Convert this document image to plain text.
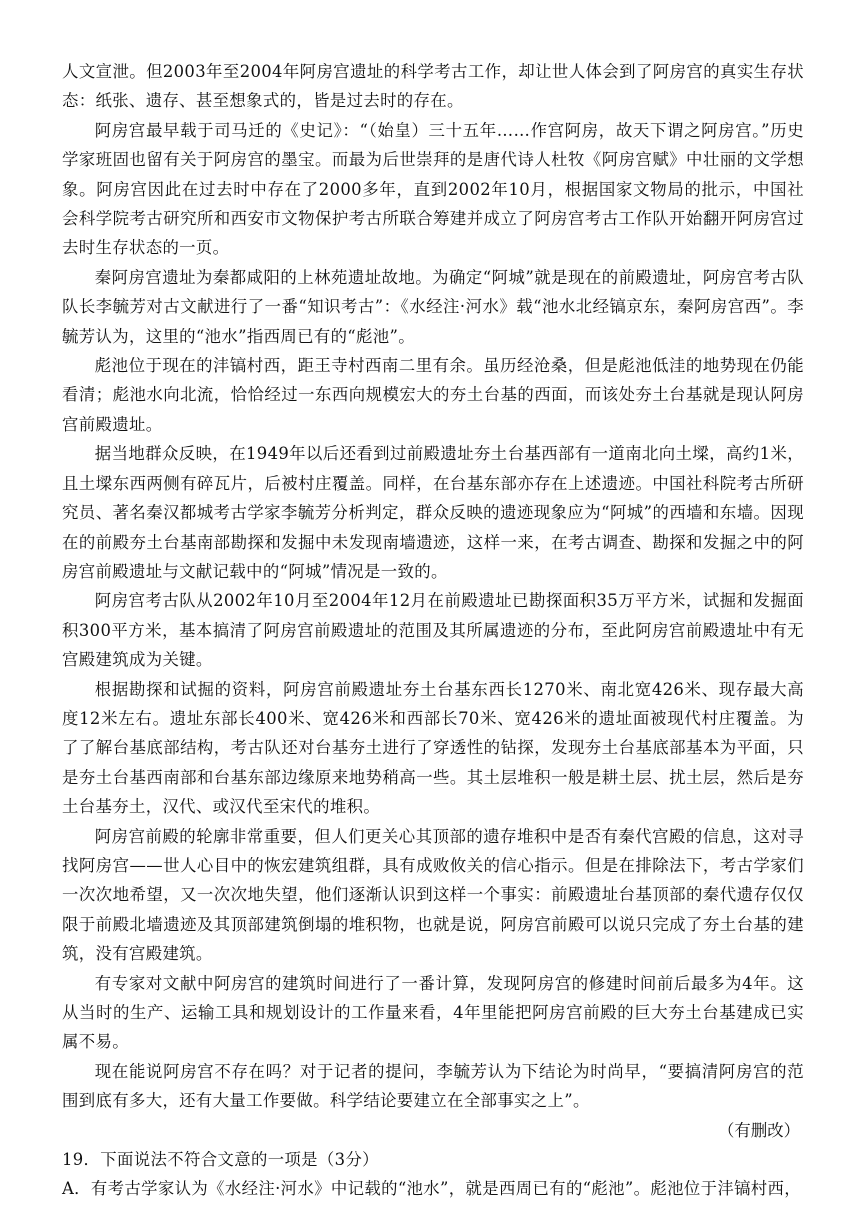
人文宣泄。但2003年至2004年阿房宫遗址的科学考古工作，却让世人体会到了阿房宫的真实生存状态：纸张、遗存、甚至想象式的，皆是过去时的存在。

阿房宫最早载于司马迁的《史记》：“（始皇）三十五年……作宫阿房，故天下谓之阿房宫。”历史学家班固也留有关于阿房宫的墨宝。而最为后世崇拜的是唐代诗人杜牧《阿房宫赋》中壮丽的文学想象。阿房宫因此在过去时中存在了2000多年，直到2002年10月，根据国家文物局的批示，中国社会科学院考古研究所和西安市文物保护考古所联合筹建并成立了阿房宫考古工作队开始翻开阿房宫过去时生存状态的一页。

秦阿房宫遗址为秦都咸阳的上林苑遗址故地。为确定“阿城”就是现在的前殿遗址，阿房宫考古队队长李毓芳对古文献进行了一番“知识考古”：《水经注·河水》载“池水北经镐京东，秦阿房宫西”。李毓芳认为，这里的“池水”指西周已有的“彪池”。

彪池位于现在的沣镐村西，距王寺村西南二里有余。虽历经沧桑，但是彪池低洼的地势现在仍能看清；彪池水向北流，恰恰经过一东西向规模宏大的夯土台基的西面，而该处夯土台基就是现认阿房宫前殿遗址。

据当地群众反映，在1949年以后还看到过前殿遗址夯土台基西部有一道南北向土墚，高约1米，且土墚东西两侧有碎瓦片，后被村庄覆盖。同样，在台基东部亦存在上述遗迹。中国社科院考古所研究员、著名秦汉都城考古学家李毓芳分析判定，群众反映的遗迹现象应为“阿城”的西墙和东墙。因现在的前殿夯土台基南部勘探和发掘中未发现南墙遗迹，这样一来，在考古调查、勘探和发掘之中的阿房宫前殿遗址与文献记载中的“阿城”情况是一致的。

阿房宫考古队从2002年10月至2004年12月在前殿遗址已勘探面积35万平方米，试掘和发掘面积300平方米，基本搞清了阿房宫前殿遗址的范围及其所属遗迹的分布，至此阿房宫前殿遗址中有无宫殿建筑成为关键。

根据勘探和试掘的资料，阿房宫前殿遗址夯土台基东西长1270米、南北宽426米、现存最大高度12米左右。遗址东部长400米、宽426米和西部长70米、宽426米的遗址面被现代村庄覆盖。为了了解台基底部结构，考古队还对台基夯土进行了穿透性的钻探，发现夯土台基底部基本为平面，只是夯土台基西南部和台基东部边缘原来地势稍高一些。其土层堆积一般是耕土层、扰土层，然后是夯土台基夯土，汉代、或汉代至宋代的堆积。

阿房宫前殿的轮廓非常重要，但人们更关心其顶部的遗存堆积中是否有秦代宫殿的信息，这对寻找阿房宫——世人心目中的恢宏建筑组群，具有成败攸关的信心指示。但是在排除法下，考古学家们一次次地希望，又一次次地失望，他们逐渐认识到这样一个事实：前殿遗址台基顶部的秦代遗存仅仅限于前殿北墙遗迹及其顶部建筑倒塌的堆积物，也就是说，阿房宫前殿可以说只完成了夯土台基的建筑，没有宫殿建筑。

有专家对文献中阿房宫的建筑时间进行了一番计算，发现阿房宫的修建时间前后最多为4年。这从当时的生产、运输工具和规划设计的工作量来看，4年里能把阿房宫前殿的巨大夯土台基建成已实属不易。

现在能说阿房宫不存在吗？对于记者的提问，李毓芳认为下结论为时尚早，“要搞清阿房宫的范围到底有多大，还有大量工作要做。科学结论要建立在全部事实之上”。

（有删改）

19．下面说法不符合文意的一项是（3分）

A．有考古学家认为《水经注·河水》中记载的“池水”，就是西周已有的“彪池”。彪池位于沣镐村西，
